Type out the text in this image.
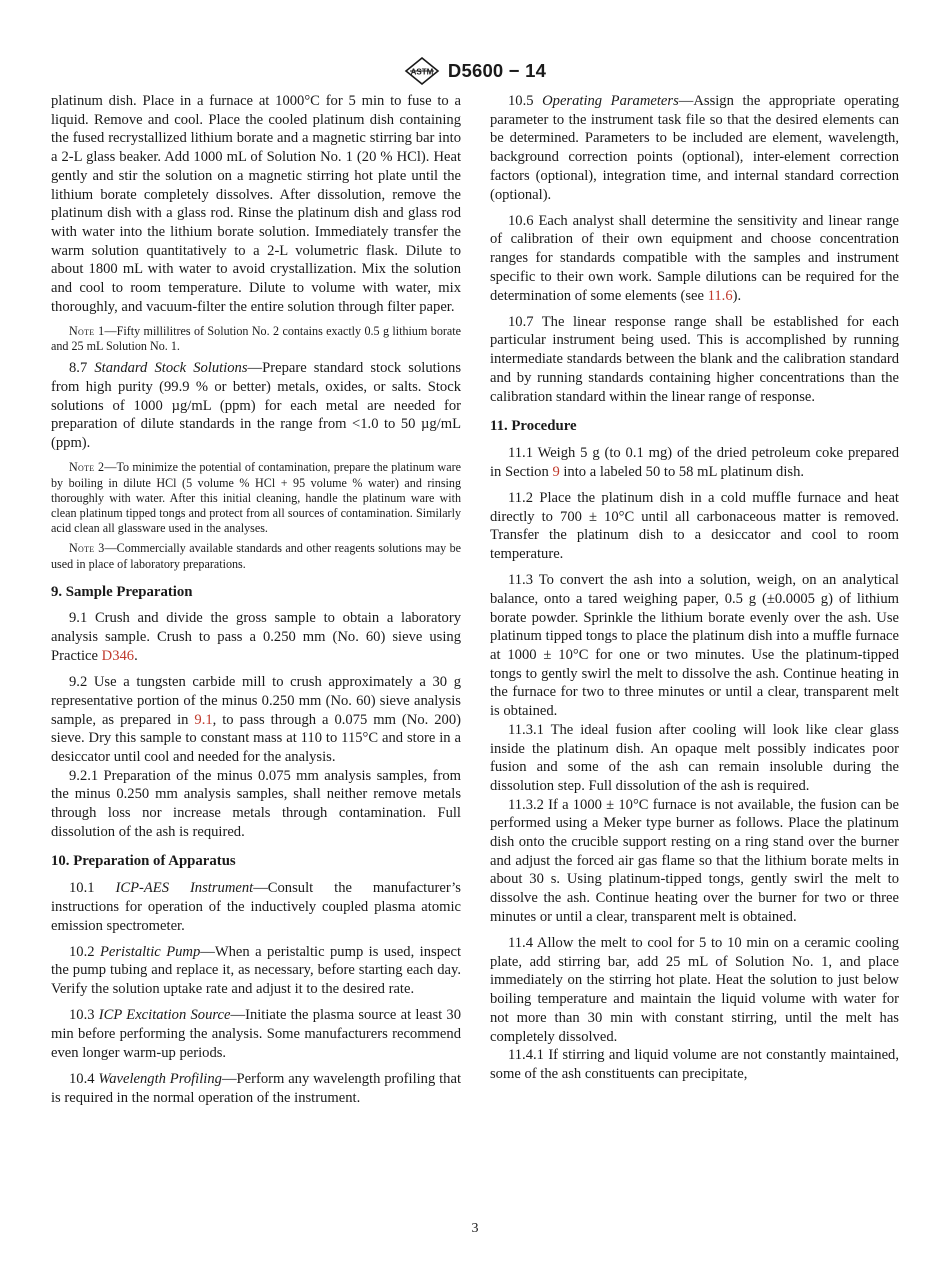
ASTM D5600 − 14

platinum dish. Place in a furnace at 1000°C for 5 min to fuse to a liquid. Remove and cool. Place the cooled platinum dish containing the fused recrystallized lithium borate and a magnetic stirring bar into a 2-L glass beaker. Add 1000 mL of Solution No. 1 (20 % HCl). Heat gently and stir the solution on a magnetic stirring hot plate until the lithium borate completely dissolves. After dissolution, remove the platinum dish with a glass rod. Rinse the platinum dish and glass rod with water into the lithium borate solution. Immediately transfer the warm solution quantitatively to a 2-L volumetric flask. Dilute to about 1800 mL with water to avoid crystallization. Mix the solution and cool to room temperature. Dilute to volume with water, mix thoroughly, and vacuum-filter the entire solution through filter paper.

Note 1—Fifty millilitres of Solution No. 2 contains exactly 0.5 g lithium borate and 25 mL Solution No. 1.

8.7 Standard Stock Solutions—Prepare standard stock solutions from high purity (99.9 % or better) metals, oxides, or salts. Stock solutions of 1000 µg/mL (ppm) for each metal are needed for preparation of dilute standards in the range from <1.0 to 50 µg/mL (ppm).

Note 2—To minimize the potential of contamination, prepare the platinum ware by boiling in dilute HCl (5 volume % HCl + 95 volume % water) and rinsing thoroughly with water. After this initial cleaning, handle the platinum ware with clean platinum tipped tongs and protect from all sources of contamination. Similarly acid clean all glassware used in the analyses.
Note 3—Commercially available standards and other reagents solutions may be used in place of laboratory preparations.
9. Sample Preparation

9.1 Crush and divide the gross sample to obtain a laboratory analysis sample. Crush to pass a 0.250 mm (No. 60) sieve using Practice D346.

9.2 Use a tungsten carbide mill to crush approximately a 30 g representative portion of the minus 0.250 mm (No. 60) sieve analysis sample, as prepared in 9.1, to pass through a 0.075 mm (No. 200) sieve. Dry this sample to constant mass at 110 to 115°C and store in a desiccator until cool and needed for the analysis.

9.2.1 Preparation of the minus 0.075 mm analysis samples, from the minus 0.250 mm analysis samples, shall neither remove metals through loss nor increase metals through contamination. Full dissolution of the ash is required.

10. Preparation of Apparatus

10.1 ICP-AES Instrument—Consult the manufacturer’s instructions for operation of the inductively coupled plasma atomic emission spectrometer.

10.2 Peristaltic Pump—When a peristaltic pump is used, inspect the pump tubing and replace it, as necessary, before starting each day. Verify the solution uptake rate and adjust it to the desired rate.

10.3 ICP Excitation Source—Initiate the plasma source at least 30 min before performing the analysis. Some manufacturers recommend even longer warm-up periods.

10.4 Wavelength Profiling—Perform any wavelength profiling that is required in the normal operation of the instrument.

10.5 Operating Parameters—Assign the appropriate operating parameter to the instrument task file so that the desired elements can be determined. Parameters to be included are element, wavelength, background correction points (optional), inter-element correction factors (optional), integration time, and internal standard correction (optional).

10.6 Each analyst shall determine the sensitivity and linear range of calibration of their own equipment and choose concentration ranges for standards compatible with the samples and instrument specific to their own work. Sample dilutions can be required for the determination of some elements (see 11.6).

10.7 The linear response range shall be established for each particular instrument being used. This is accomplished by running intermediate standards between the blank and the calibration standard and by running standards containing higher concentrations than the calibration standard within the linear range of response.

11. Procedure

11.1 Weigh 5 g (to 0.1 mg) of the dried petroleum coke prepared in Section 9 into a labeled 50 to 58 mL platinum dish.

11.2 Place the platinum dish in a cold muffle furnace and heat directly to 700 ± 10°C until all carbonaceous matter is removed. Transfer the platinum dish to a desiccator and cool to room temperature.

11.3 To convert the ash into a solution, weigh, on an analytical balance, onto a tared weighing paper, 0.5 g (±0.0005 g) of lithium borate powder. Sprinkle the lithium borate evenly over the ash. Use platinum tipped tongs to place the platinum dish into a muffle furnace at 1000 ± 10°C for one or two minutes. Use the platinum-tipped tongs to gently swirl the melt to dissolve the ash. Continue heating in the furnace for two to three minutes or until a clear, transparent melt is obtained.

11.3.1 The ideal fusion after cooling will look like clear glass inside the platinum dish. An opaque melt possibly indicates poor fusion and some of the ash can remain insoluble during the dissolution step. Full dissolution of the ash is required.

11.3.2 If a 1000 ± 10°C furnace is not available, the fusion can be performed using a Meker type burner as follows. Place the platinum dish onto the crucible support resting on a ring stand over the burner and adjust the forced air gas flame so that the lithium borate melts in about 30 s. Using platinum-tipped tongs, gently swirl the melt to dissolve the ash. Continue heating over the burner for two or three minutes or until a clear, transparent melt is obtained.

11.4 Allow the melt to cool for 5 to 10 min on a ceramic cooling plate, add stirring bar, add 25 mL of Solution No. 1, and place immediately on the stirring hot plate. Heat the solution to just below boiling temperature and maintain the liquid volume with water for not more than 30 min with constant stirring, until the melt has completely dissolved.

11.4.1 If stirring and liquid volume are not constantly maintained, some of the ash constituents can precipitate,

3
